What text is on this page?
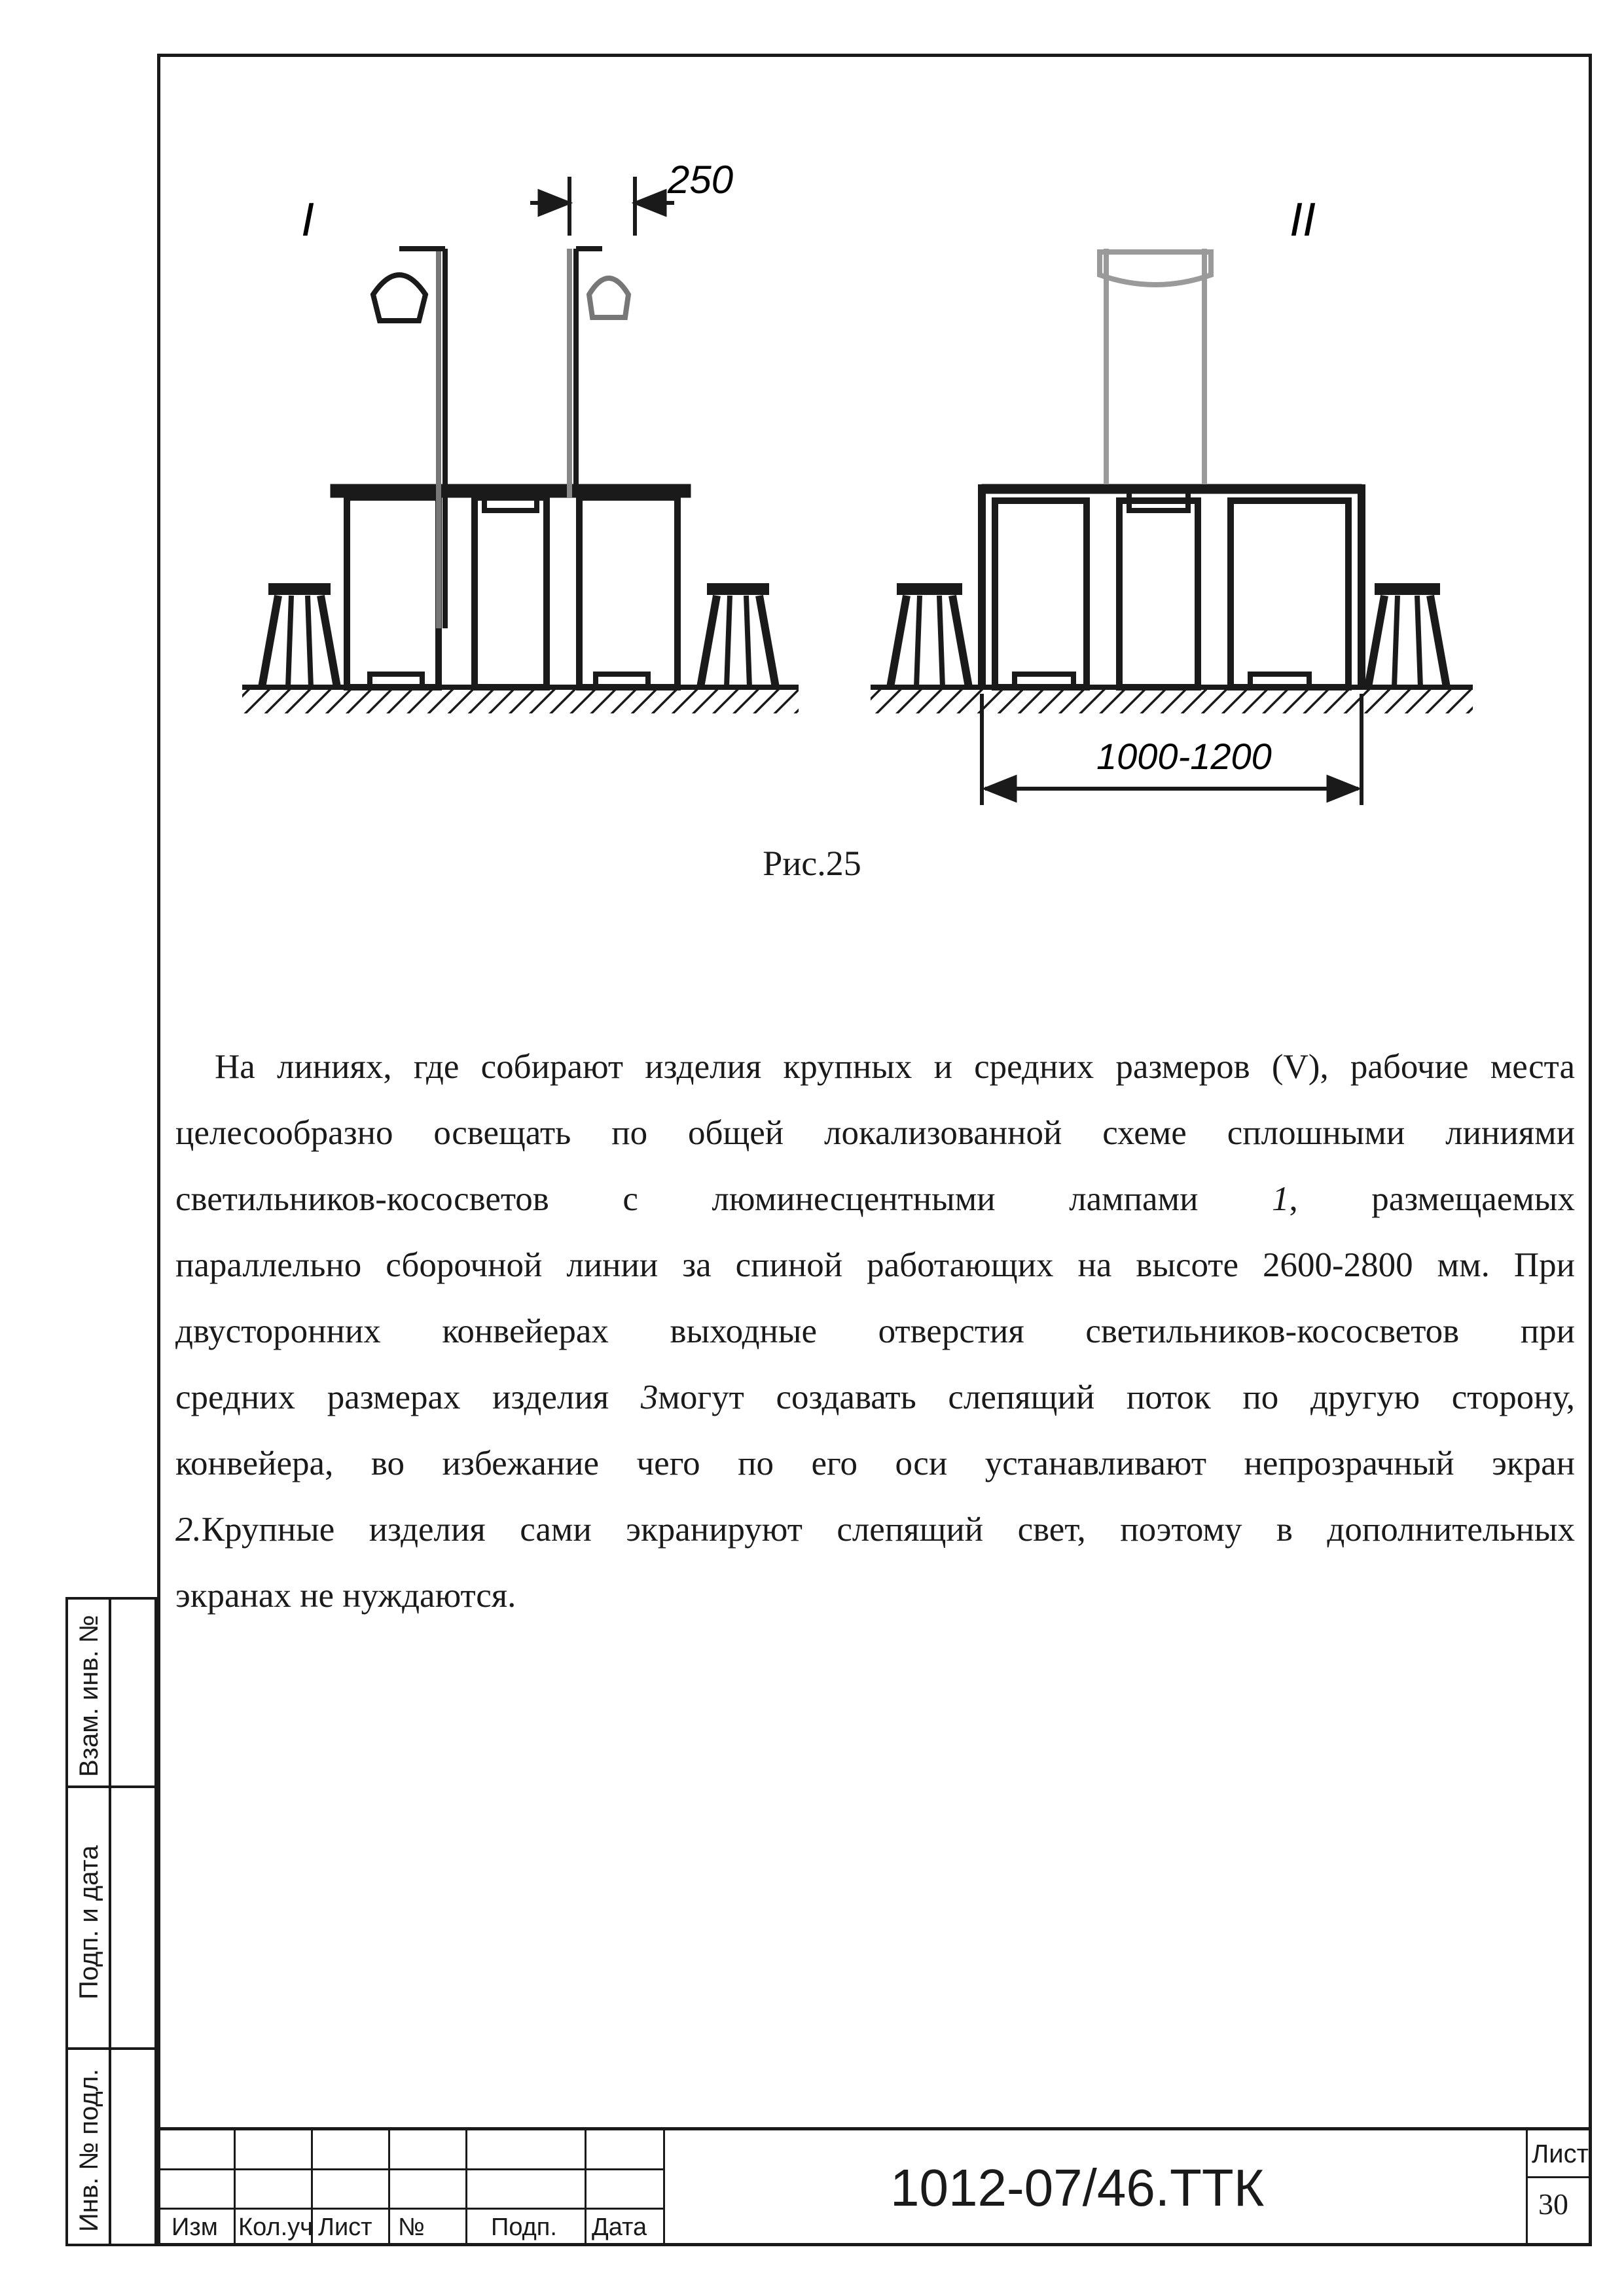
I
250
II
1000-1200
Рис.25
На линиях, где собирают изделия крупных и средних размеров (V), рабочие места
целесообразно освещать по общей локализованной схеме сплошными линиями
светильников-кососветов с люминесцентными лампами 1, размещаемых
параллельно сборочной линии за спиной работающих на высоте 2600-2800 мм. При
двусторонних конвейерах выходные отверстия светильников-кососветов при
средних размерах изделия 3могут создавать слепящий поток по другую сторону,
конвейера, во избежание чего по его оси устанавливают непрозрачный экран
2.Крупные изделия сами экранируют слепящий свет, поэтому в дополнительных
экранах не нуждаются.
Взам. инв. №
Подп. и дата
Инв. № подл.	Изм Кол.уч Лист №	Подп. Дата
1012-07/46.ТТК
Лист
30
